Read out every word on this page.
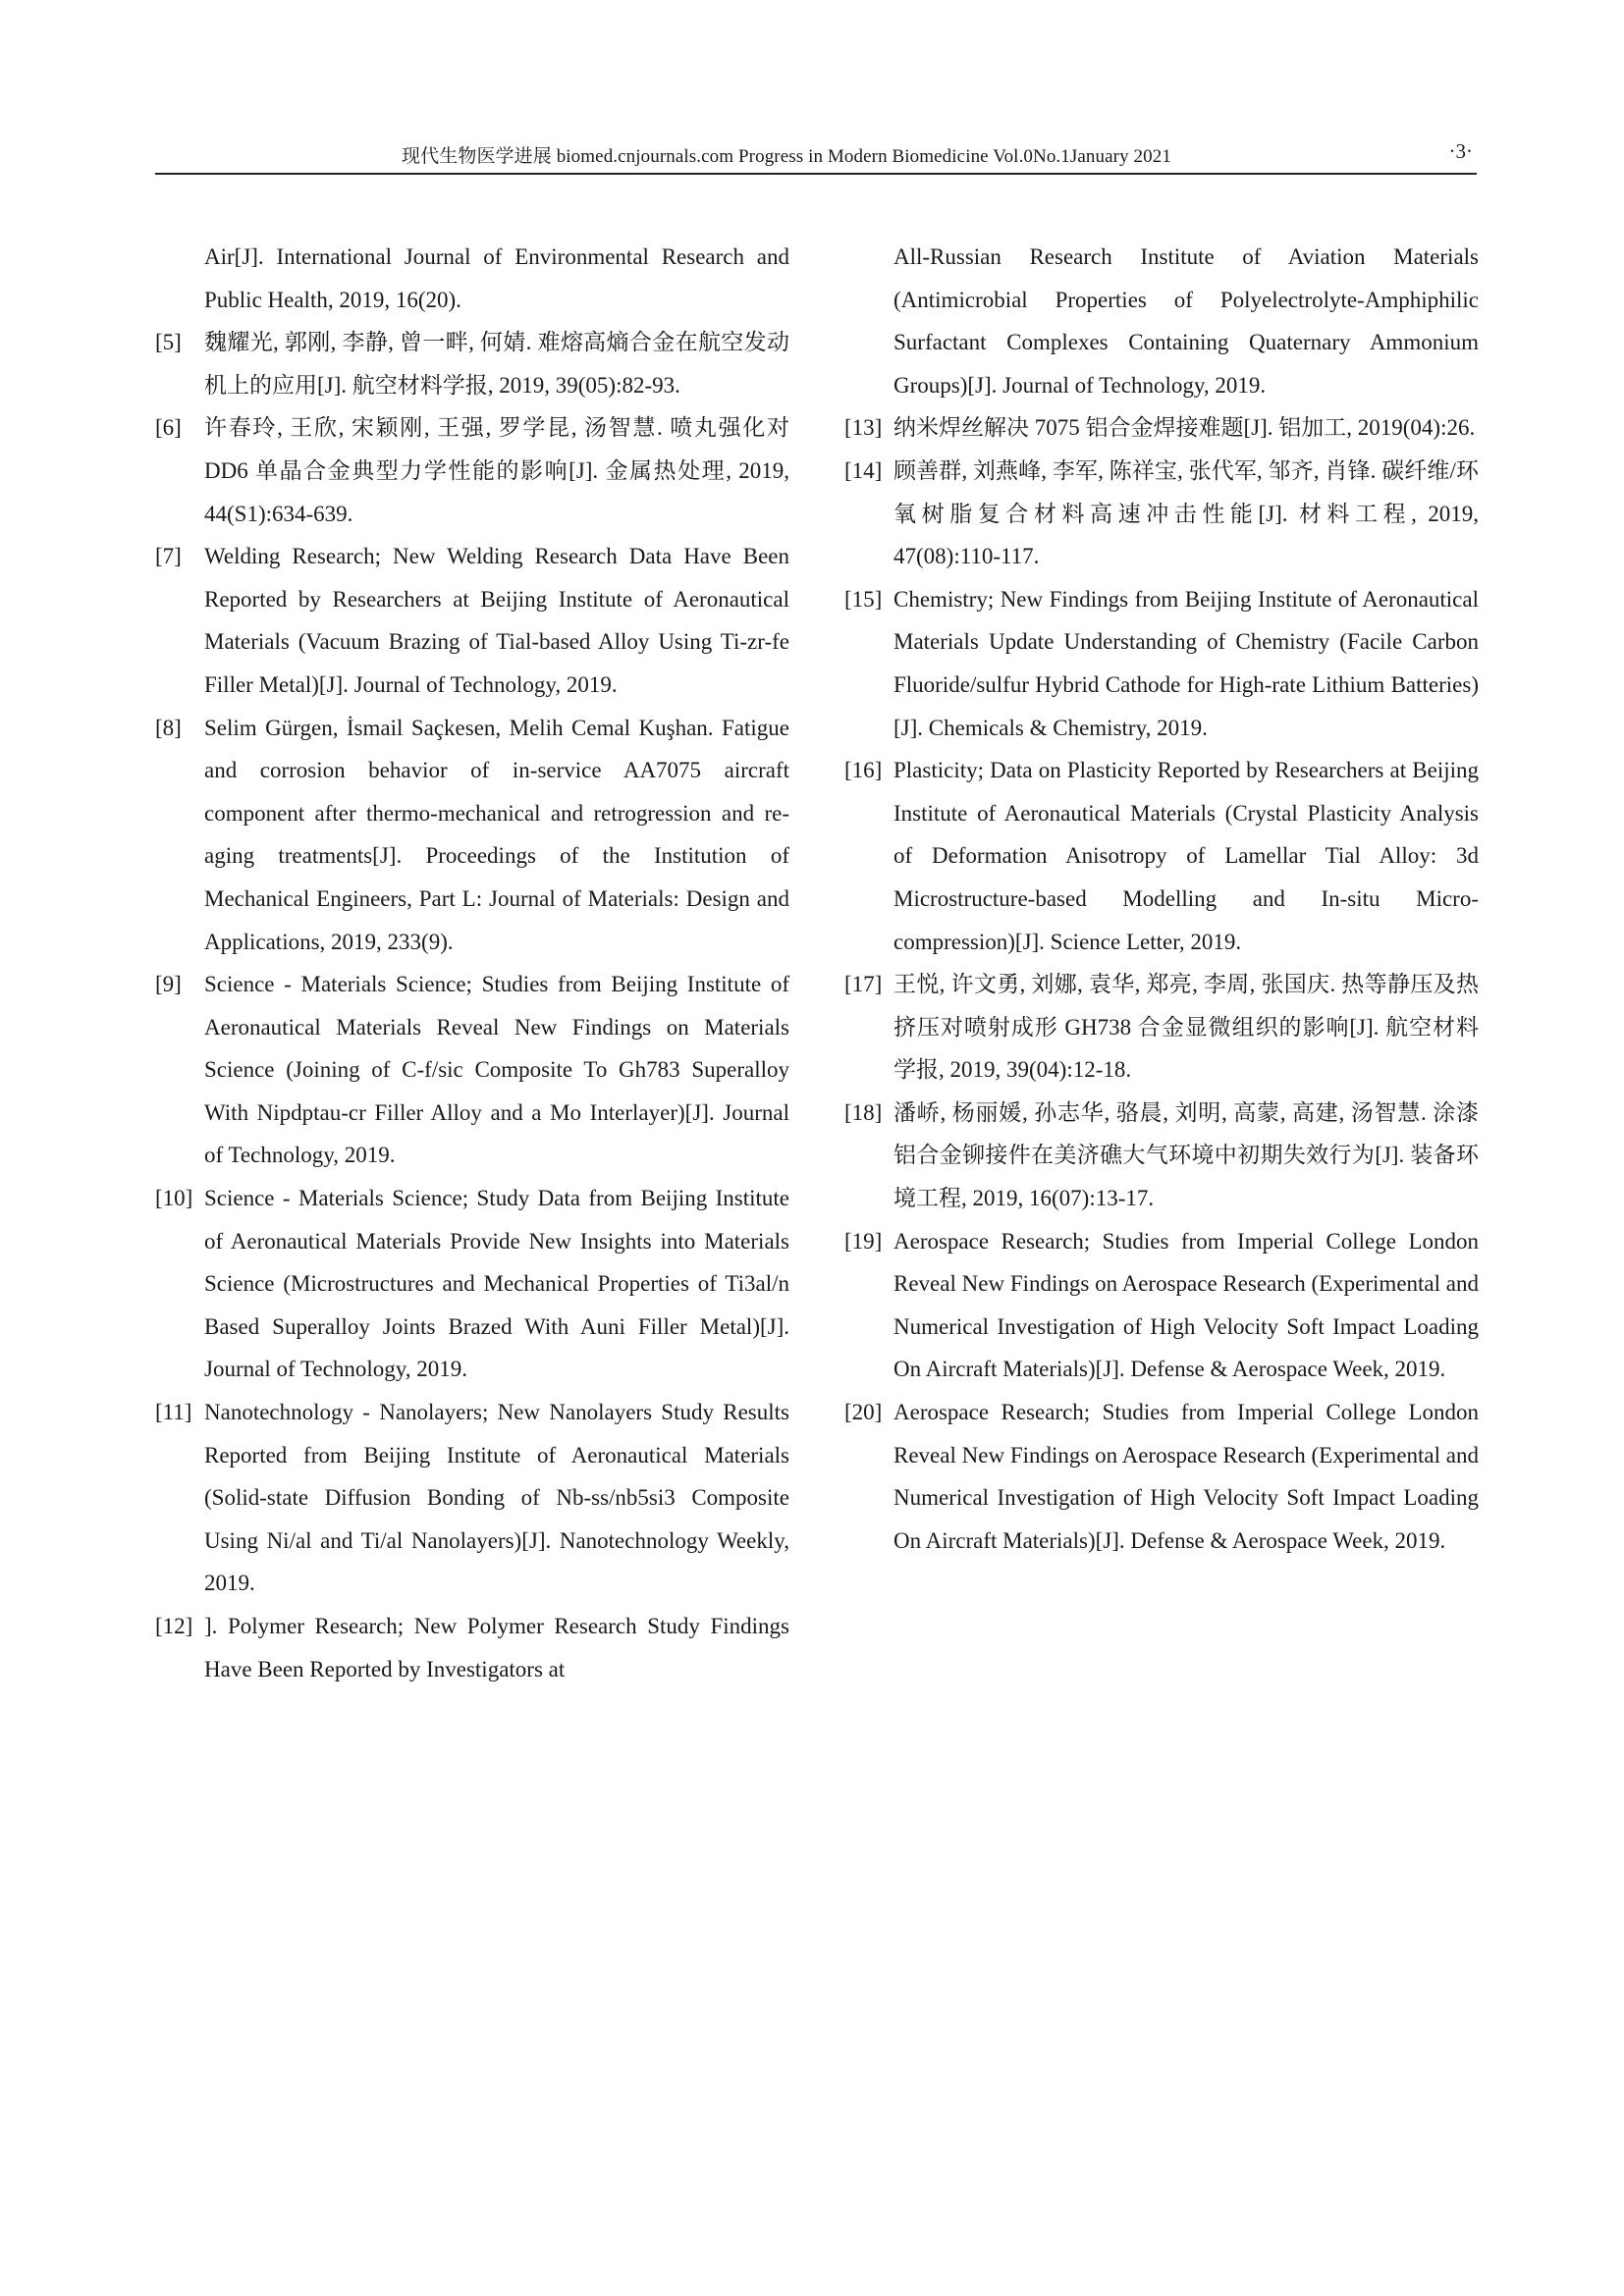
现代生物医学进展 biomed.cnjournals.com Progress in Modern Biomedicine Vol.0No.1January 2021	·3·
Air[J]. International Journal of Environmental Research and Public Health, 2019, 16(20).
[5] 魏耀光, 郭刚, 李静, 曾一畔, 何婧. 难熔高熵合金在航空发动机上的应用[J]. 航空材料学报, 2019, 39(05):82-93.
[6] 许春玲, 王欣, 宋颖刚, 王强, 罗学昆, 汤智慧. 喷丸强化对 DD6 单晶合金典型力学性能的影响[J]. 金属热处理, 2019, 44(S1):634-639.
[7] Welding Research; New Welding Research Data Have Been Reported by Researchers at Beijing Institute of Aeronautical Materials (Vacuum Brazing of Tial-based Alloy Using Ti-zr-fe Filler Metal)[J]. Journal of Technology, 2019.
[8] Selim Gürgen, İsmail Saçkesen, Melih Cemal Kuşhan. Fatigue and corrosion behavior of in-service AA7075 aircraft component after thermo-mechanical and retrogression and re-aging treatments[J]. Proceedings of the Institution of Mechanical Engineers, Part L: Journal of Materials: Design and Applications, 2019, 233(9).
[9] Science - Materials Science; Studies from Beijing Institute of Aeronautical Materials Reveal New Findings on Materials Science (Joining of C-f/sic Composite To Gh783 Superalloy With Nipdptau-cr Filler Alloy and a Mo Interlayer)[J]. Journal of Technology, 2019.
[10] Science - Materials Science; Study Data from Beijing Institute of Aeronautical Materials Provide New Insights into Materials Science (Microstructures and Mechanical Properties of Ti3al/n Based Superalloy Joints Brazed With Auni Filler Metal)[J]. Journal of Technology, 2019.
[11] Nanotechnology - Nanolayers; New Nanolayers Study Results Reported from Beijing Institute of Aeronautical Materials (Solid-state Diffusion Bonding of Nb-ss/nb5si3 Composite Using Ni/al and Ti/al Nanolayers)[J]. Nanotechnology Weekly, 2019.
[12] ]. Polymer Research; New Polymer Research Study Findings Have Been Reported by Investigators at
All-Russian Research Institute of Aviation Materials (Antimicrobial Properties of Polyelectrolyte-Amphiphilic Surfactant Complexes Containing Quaternary Ammonium Groups)[J]. Journal of Technology, 2019.
[13] 纳米焊丝解决 7075 铝合金焊接难题[J]. 铝加工, 2019(04):26.
[14] 顾善群, 刘燕峰, 李军, 陈祥宝, 张代军, 邹齐, 肖锋. 碳纤维/环氧树脂复合材料高速冲击性能[J]. 材料工程, 2019, 47(08):110-117.
[15] Chemistry; New Findings from Beijing Institute of Aeronautical Materials Update Understanding of Chemistry (Facile Carbon Fluoride/sulfur Hybrid Cathode for High-rate Lithium Batteries)[J]. Chemicals & Chemistry, 2019.
[16] Plasticity; Data on Plasticity Reported by Researchers at Beijing Institute of Aeronautical Materials (Crystal Plasticity Analysis of Deformation Anisotropy of Lamellar Tial Alloy: 3d Microstructure-based Modelling and In-situ Micro-compression)[J]. Science Letter, 2019.
[17] 王悦, 许文勇, 刘娜, 袁华, 郑亮, 李周, 张国庆. 热等静压及热挤压对喷射成形 GH738 合金显微组织的影响[J]. 航空材料学报, 2019, 39(04):12-18.
[18] 潘峤, 杨丽媛, 孙志华, 骆晨, 刘明, 高蒙, 高建, 汤智慧. 涂漆铝合金铆接件在美济礁大气环境中初期失效行为[J]. 装备环境工程, 2019, 16(07):13-17.
[19] Aerospace Research; Studies from Imperial College London Reveal New Findings on Aerospace Research (Experimental and Numerical Investigation of High Velocity Soft Impact Loading On Aircraft Materials)[J]. Defense & Aerospace Week, 2019.
[20] Aerospace Research; Studies from Imperial College London Reveal New Findings on Aerospace Research (Experimental and Numerical Investigation of High Velocity Soft Impact Loading On Aircraft Materials)[J]. Defense & Aerospace Week, 2019.
